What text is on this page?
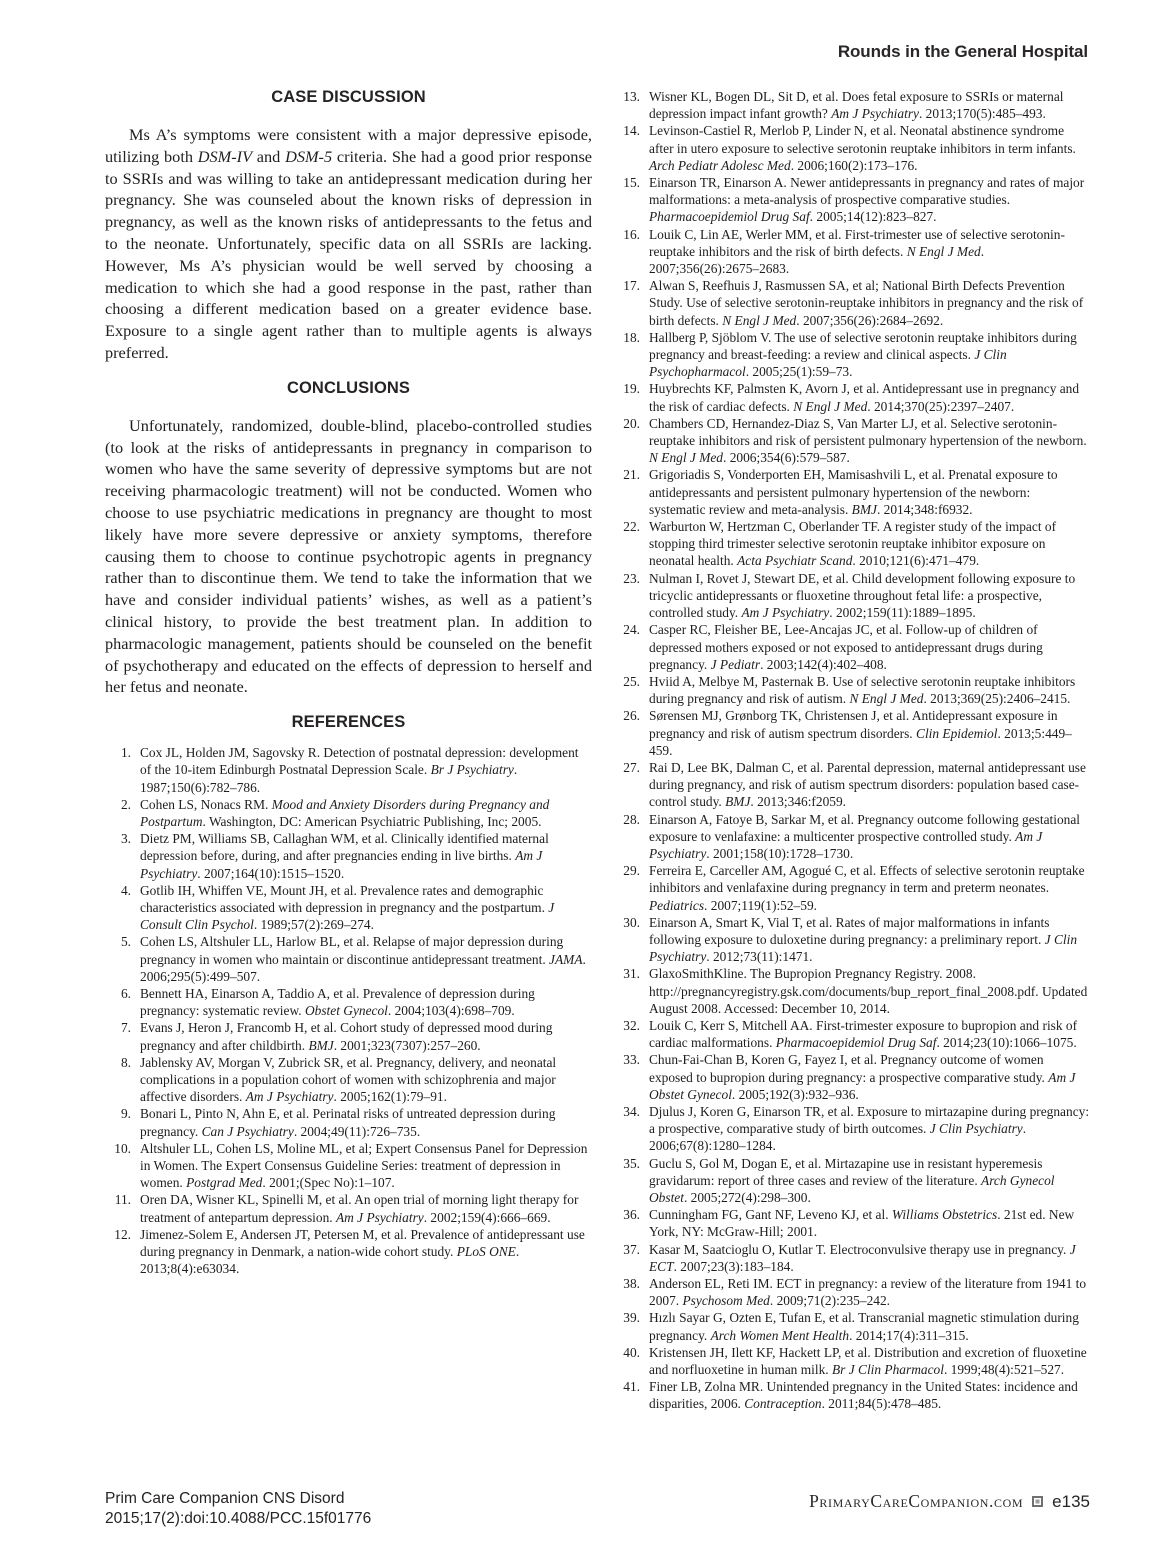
Rounds in the General Hospital
CASE DISCUSSION

Ms A’s symptoms were consistent with a major depressive episode, utilizing both DSM-IV and DSM-5 criteria. She had a good prior response to SSRIs and was willing to take an antidepressant medication during her pregnancy. She was counseled about the known risks of depression in pregnancy, as well as the known risks of antidepressants to the fetus and to the neonate. Unfortunately, specific data on all SSRIs are lacking. However, Ms A’s physician would be well served by choosing a medication to which she had a good response in the past, rather than choosing a different medication based on a greater evidence base. Exposure to a single agent rather than to multiple agents is always preferred.

CONCLUSIONS

Unfortunately, randomized, double-blind, placebo-controlled studies (to look at the risks of antidepressants in pregnancy in comparison to women who have the same severity of depressive symptoms but are not receiving pharmacologic treatment) will not be conducted. Women who choose to use psychiatric medications in pregnancy are thought to most likely have more severe depressive or anxiety symptoms, therefore causing them to choose to continue psychotropic agents in pregnancy rather than to discontinue them. We tend to take the information that we have and consider individual patients’ wishes, as well as a patient’s clinical history, to provide the best treatment plan. In addition to pharmacologic management, patients should be counseled on the benefit of psychotherapy and educated on the effects of depression to herself and her fetus and neonate.

REFERENCES
1. Cox JL, Holden JM, Sagovsky R. Detection of postnatal depression: development of the 10-item Edinburgh Postnatal Depression Scale. Br J Psychiatry. 1987;150(6):782–786.
2. Cohen LS, Nonacs RM. Mood and Anxiety Disorders during Pregnancy and Postpartum. Washington, DC: American Psychiatric Publishing, Inc; 2005.
3. Dietz PM, Williams SB, Callaghan WM, et al. Clinically identified maternal depression before, during, and after pregnancies ending in live births. Am J Psychiatry. 2007;164(10):1515–1520.
4. Gotlib IH, Whiffen VE, Mount JH, et al. Prevalence rates and demographic characteristics associated with depression in pregnancy and the postpartum. J Consult Clin Psychol. 1989;57(2):269–274.
5. Cohen LS, Altshuler LL, Harlow BL, et al. Relapse of major depression during pregnancy in women who maintain or discontinue antidepressant treatment. JAMA. 2006;295(5):499–507.
6. Bennett HA, Einarson A, Taddio A, et al. Prevalence of depression during pregnancy: systematic review. Obstet Gynecol. 2004;103(4):698–709.
7. Evans J, Heron J, Francomb H, et al. Cohort study of depressed mood during pregnancy and after childbirth. BMJ. 2001;323(7307):257–260.
8. Jablensky AV, Morgan V, Zubrick SR, et al. Pregnancy, delivery, and neonatal complications in a population cohort of women with schizophrenia and major affective disorders. Am J Psychiatry. 2005;162(1):79–91.
9. Bonari L, Pinto N, Ahn E, et al. Perinatal risks of untreated depression during pregnancy. Can J Psychiatry. 2004;49(11):726–735.
10. Altshuler LL, Cohen LS, Moline ML, et al; Expert Consensus Panel for Depression in Women. The Expert Consensus Guideline Series: treatment of depression in women. Postgrad Med. 2001;(Spec No):1–107.
11. Oren DA, Wisner KL, Spinelli M, et al. An open trial of morning light therapy for treatment of antepartum depression. Am J Psychiatry. 2002;159(4):666–669.
12. Jimenez-Solem E, Andersen JT, Petersen M, et al. Prevalence of antidepressant use during pregnancy in Denmark, a nation-wide cohort study. PLoS ONE. 2013;8(4):e63034.
13. Wisner KL, Bogen DL, Sit D, et al. Does fetal exposure to SSRIs or maternal depression impact infant growth? Am J Psychiatry. 2013;170(5):485–493.
14. Levinson-Castiel R, Merlob P, Linder N, et al. Neonatal abstinence syndrome after in utero exposure to selective serotonin reuptake inhibitors in term infants. Arch Pediatr Adolesc Med. 2006;160(2):173–176.
15. Einarson TR, Einarson A. Newer antidepressants in pregnancy and rates of major malformations: a meta-analysis of prospective comparative studies. Pharmacoepidemiol Drug Saf. 2005;14(12):823–827.
16. Louik C, Lin AE, Werler MM, et al. First-trimester use of selective serotonin-reuptake inhibitors and the risk of birth defects. N Engl J Med. 2007;356(26):2675–2683.
17. Alwan S, Reefhuis J, Rasmussen SA, et al; National Birth Defects Prevention Study. Use of selective serotonin-reuptake inhibitors in pregnancy and the risk of birth defects. N Engl J Med. 2007;356(26):2684–2692.
18. Hallberg P, Sjöblom V. The use of selective serotonin reuptake inhibitors during pregnancy and breast-feeding: a review and clinical aspects. J Clin Psychopharmacol. 2005;25(1):59–73.
19. Huybrechts KF, Palmsten K, Avorn J, et al. Antidepressant use in pregnancy and the risk of cardiac defects. N Engl J Med. 2014;370(25):2397–2407.
20. Chambers CD, Hernandez-Diaz S, Van Marter LJ, et al. Selective serotonin-reuptake inhibitors and risk of persistent pulmonary hypertension of the newborn. N Engl J Med. 2006;354(6):579–587.
21. Grigoriadis S, Vonderporten EH, Mamisashvili L, et al. Prenatal exposure to antidepressants and persistent pulmonary hypertension of the newborn: systematic review and meta-analysis. BMJ. 2014;348:f6932.
22. Warburton W, Hertzman C, Oberlander TF. A register study of the impact of stopping third trimester selective serotonin reuptake inhibitor exposure on neonatal health. Acta Psychiatr Scand. 2010;121(6):471–479.
23. Nulman I, Rovet J, Stewart DE, et al. Child development following exposure to tricyclic antidepressants or fluoxetine throughout fetal life: a prospective, controlled study. Am J Psychiatry. 2002;159(11):1889–1895.
24. Casper RC, Fleisher BE, Lee-Ancajas JC, et al. Follow-up of children of depressed mothers exposed or not exposed to antidepressant drugs during pregnancy. J Pediatr. 2003;142(4):402–408.
25. Hviid A, Melbye M, Pasternak B. Use of selective serotonin reuptake inhibitors during pregnancy and risk of autism. N Engl J Med. 2013;369(25):2406–2415.
26. Sørensen MJ, Grønborg TK, Christensen J, et al. Antidepressant exposure in pregnancy and risk of autism spectrum disorders. Clin Epidemiol. 2013;5:449–459.
27. Rai D, Lee BK, Dalman C, et al. Parental depression, maternal antidepressant use during pregnancy, and risk of autism spectrum disorders: population based case-control study. BMJ. 2013;346:f2059.
28. Einarson A, Fatoye B, Sarkar M, et al. Pregnancy outcome following gestational exposure to venlafaxine: a multicenter prospective controlled study. Am J Psychiatry. 2001;158(10):1728–1730.
29. Ferreira E, Carceller AM, Agogué C, et al. Effects of selective serotonin reuptake inhibitors and venlafaxine during pregnancy in term and preterm neonates. Pediatrics. 2007;119(1):52–59.
30. Einarson A, Smart K, Vial T, et al. Rates of major malformations in infants following exposure to duloxetine during pregnancy: a preliminary report. J Clin Psychiatry. 2012;73(11):1471.
31. GlaxoSmithKline. The Bupropion Pregnancy Registry. 2008. http://pregnancyregistry.gsk.com/documents/bup_report_final_2008.pdf. Updated August 2008. Accessed: December 10, 2014.
32. Louik C, Kerr S, Mitchell AA. First-trimester exposure to bupropion and risk of cardiac malformations. Pharmacoepidemiol Drug Saf. 2014;23(10):1066–1075.
33. Chun-Fai-Chan B, Koren G, Fayez I, et al. Pregnancy outcome of women exposed to bupropion during pregnancy: a prospective comparative study. Am J Obstet Gynecol. 2005;192(3):932–936.
34. Djulus J, Koren G, Einarson TR, et al. Exposure to mirtazapine during pregnancy: a prospective, comparative study of birth outcomes. J Clin Psychiatry. 2006;67(8):1280–1284.
35. Guclu S, Gol M, Dogan E, et al. Mirtazapine use in resistant hyperemesis gravidarum: report of three cases and review of the literature. Arch Gynecol Obstet. 2005;272(4):298–300.
36. Cunningham FG, Gant NF, Leveno KJ, et al. Williams Obstetrics. 21st ed. New York, NY: McGraw-Hill; 2001.
37. Kasar M, Saatcioglu O, Kutlar T. Electroconvulsive therapy use in pregnancy. J ECT. 2007;23(3):183–184.
38. Anderson EL, Reti IM. ECT in pregnancy: a review of the literature from 1941 to 2007. Psychosom Med. 2009;71(2):235–242.
39. Hızlı Sayar G, Ozten E, Tufan E, et al. Transcranial magnetic stimulation during pregnancy. Arch Women Ment Health. 2014;17(4):311–315.
40. Kristensen JH, Ilett KF, Hackett LP, et al. Distribution and excretion of fluoxetine and norfluoxetine in human milk. Br J Clin Pharmacol. 1999;48(4):521–527.
41. Finer LB, Zolna MR. Unintended pregnancy in the United States: incidence and disparities, 2006. Contraception. 2011;84(5):478–485.
Prim Care Companion CNS Disord
2015;17(2):doi:10.4088/PCC.15f01776
PrimaryCareCompanion.com e135
